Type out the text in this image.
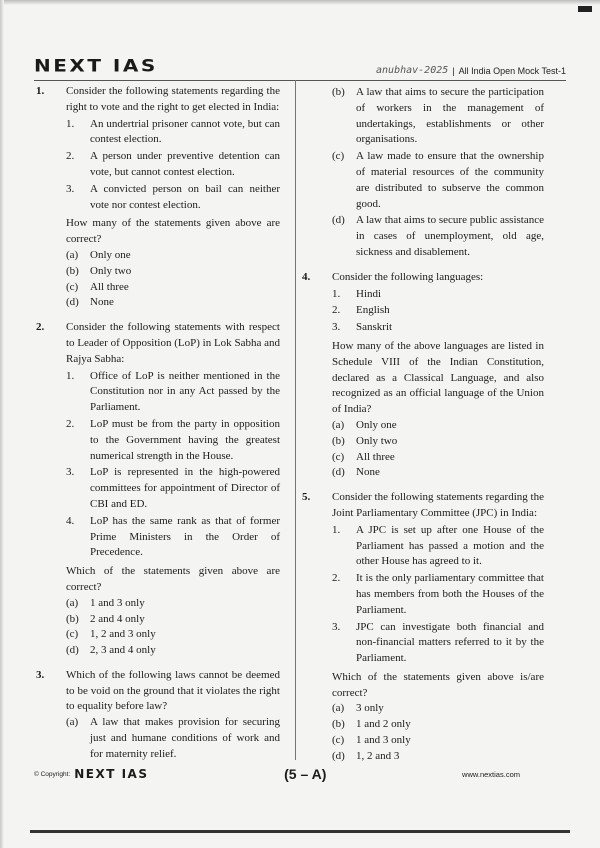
NEXT IAS	anubhav-2025 | All India Open Mock Test-1
1.	Consider the following statements regarding the right to vote and the right to get elected in India:
1.	An undertrial prisoner cannot vote, but can contest election.
2.	A person under preventive detention can vote, but cannot contest election.
3.	A convicted person on bail can neither vote nor contest election.
How many of the statements given above are correct?
(a)	Only one
(b)	Only two
(c)	All three
(d)	None
2.	Consider the following statements with respect to Leader of Opposition (LoP) in Lok Sabha and Rajya Sabha:
1.	Office of LoP is neither mentioned in the Constitution nor in any Act passed by the Parliament.
2.	LoP must be from the party in opposition to the Government having the greatest numerical strength in the House.
3.	LoP is represented in the high-powered committees for appointment of Director of CBI and ED.
4.	LoP has the same rank as that of former Prime Ministers in the Order of Precedence.
Which of the statements given above are correct?
(a)	1 and 3 only
(b)	2 and 4 only
(c)	1, 2 and 3 only
(d)	2, 3 and 4 only
3.	Which of the following laws cannot be deemed to be void on the ground that it violates the right to equality before law?
(a)	A law that makes provision for securing just and humane conditions of work and for maternity relief.
(b)	A law that aims to secure the participation of workers in the management of undertakings, establishments or other organisations.
(c)	A law made to ensure that the ownership of material resources of the community are distributed to subserve the common good.
(d)	A law that aims to secure public assistance in cases of unemployment, old age, sickness and disablement.
4.	Consider the following languages:
1.	Hindi
2.	English
3.	Sanskrit
How many of the above languages are listed in Schedule VIII of the Indian Constitution, declared as a Classical Language, and also recognized as an official language of the Union of India?
(a)	Only one
(b)	Only two
(c)	All three
(d)	None
5.	Consider the following statements regarding the Joint Parliamentary Committee (JPC) in India:
1.	A JPC is set up after one House of the Parliament has passed a motion and the other House has agreed to it.
2.	It is the only parliamentary committee that has members from both the Houses of the Parliament.
3.	JPC can investigate both financial and non-financial matters referred to it by the Parliament.
Which of the statements given above is/are correct?
(a)	3 only
(b)	1 and 2 only
(c)	1 and 3 only
(d)	1, 2 and 3
© Copyright: NEXT IAS	(5 – A)	www.nextias.com
